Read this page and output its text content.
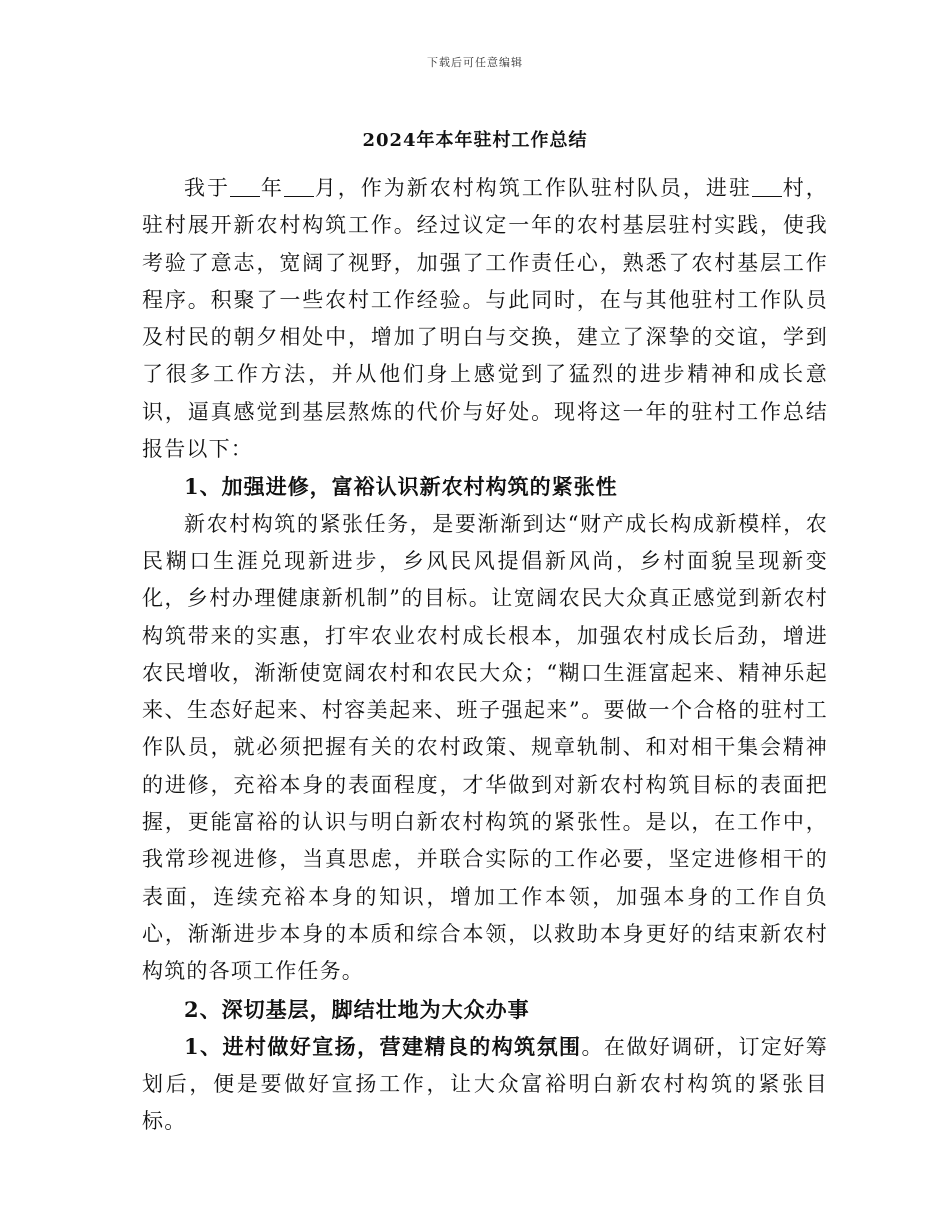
下载后可任意编辑
2024年本年驻村工作总结

我于 年 月，作为新农村构筑工作队驻村队员，进驻 村，驻村展开新农村构筑工作。经过议定一年的农村基层驻村实践，使我考验了意志，宽阔了视野，加强了工作责任心，熟悉了农村基层工作程序。积聚了一些农村工作经验。与此同时，在与其他驻村工作队员及村民的朝夕相处中，增加了明白与交换，建立了深挚的交谊，学到了很多工作方法，并从他们身上感觉到了猛烈的进步精神和成长意识，逼真感觉到基层熬炼的代价与好处。现将这一年的驻村工作总结报告以下：

1、加强进修，富裕认识新农村构筑的紧张性

新农村构筑的紧张任务，是要渐渐到达“财产成长构成新模样，农民糊口生涯兑现新进步，乡风民风提倡新风尚，乡村面貌呈现新变化，乡村办理健康新机制”的目标。让宽阔农民大众真正感觉到新农村构筑带来的实惠，打牢农业农村成长根本，加强农村成长后劲，增进农民增收，渐渐使宽阔农村和农民大众；“糊口生涯富起来、精神乐起来、生态好起来、村容美起来、班子强起来”。要做一个合格的驻村工作队员，就必须把握有关的农村政策、规章轨制、和对相干集会精神的进修，充裕本身的表面程度，才华做到对新农村构筑目标的表面把握，更能富裕的认识与明白新农村构筑的紧张性。是以，在工作中，我常珍视进修，当真思虑，并联合实际的工作必要，坚定进修相干的表面，连续充裕本身的知识，增加工作本领，加强本身的工作自负心，渐渐进步本身的本质和综合本领，以救助本身更好的结束新农村构筑的各项工作任务。

2、深切基层，脚结壮地为大众办事

1、进村做好宣扬，营建精良的构筑氛围。在做好调研，订定好筹划后，便是要做好宣扬工作，让大众富裕明白新农村构筑的紧张目标。
